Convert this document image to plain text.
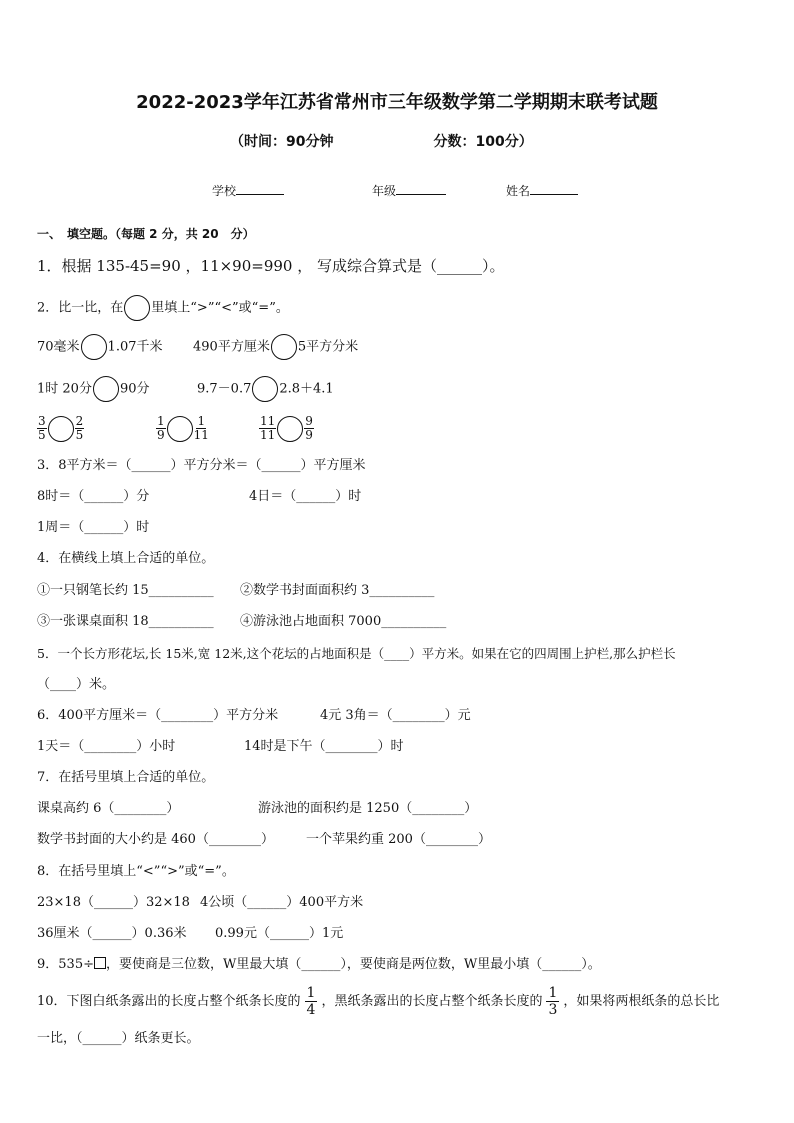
2022-2023学年江苏省常州市三年级数学第二学期期末联考试题
（时间：90分钟	分数：100分）
学校	年级	姓名
一、　填空题。（每题 2 分，共 20　分）
1．根据 135-45=90 ，11×90=990 ， 写成综合算式是（______）。
2．比一比，在 里填上“>”“<”或“=”。
70毫米 1.07千米 490平方厘米 5平方分米
1时 20分 90分	9.7－0.7 2.8＋4.1
$\frac{3}{5} \frac{2}{5}$	$\frac{1}{9} \frac{1}{11}$	$\frac{11}{11} \frac{9}{9}$
3．8平方米＝（______）平方分米＝（______）平方厘米
8时＝（______）分	4日＝（______）时
1周＝（______）时
4．在横线上填上合适的单位。
①一只钢笔长约 15__________ ②数学书封面面积约 3__________
③一张课桌面积 18__________ ④游泳池占地面积 7000__________
5．一个长方形花坛,长 15米,宽 12米,这个花坛的占地面积是（____）平方米。如果在它的四周围上护栏,那么护栏长
（____）米。
6．400平方厘米＝（________）平方分米	4元 3角＝（________）元
1天＝（________）小时	14时是下午（________）时
7．在括号里填上合适的单位。
课桌高约 6（________）	游泳池的面积约是 1250（________）
数学书封面的大小约是 460（________） 一个苹果约重 200（________）
8．在括号里填上“<”“>”或“=”。
23×18（______）32×18 4公顷（______）400平方米
36厘米（______）0.36米 0.99元（______）1元
9．535÷ ，要使商是三位数，W里最大填（______），要使商是两位数，W里最小填（______）。
10．下图白纸条露出的长度占整个纸条长度的 $\frac{1}{4}$ ，黑纸条露出的长度占整个纸条长度的 $\frac{1}{3}$ ，如果将两根纸条的总长比
一比，（______）纸条更长。
